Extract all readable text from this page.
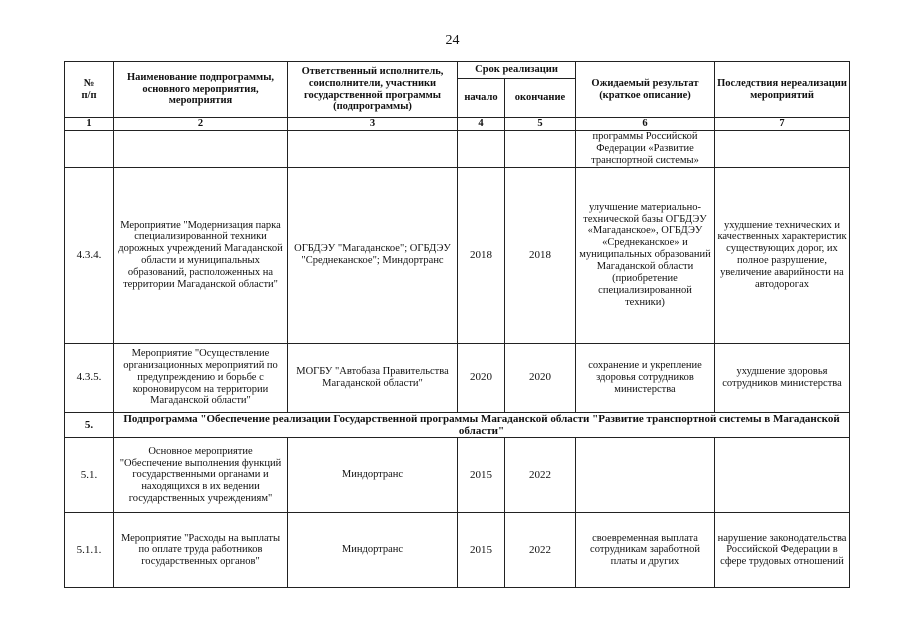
24
№
п/п	Наименование подпрограммы, основного мероприятия, мероприятия	Ответственный исполнитель, соисполнители, участники государственной программы (подпрограммы)	Срок реализации		Ожидаемый результат (краткое описание)	Последствия нереализации мероприятий
			начало	окончание		
1	2	3	4	5	6	7
					программы Российской Федерации «Развитие транспортной системы»	
4.3.4.	Мероприятие "Модернизация парка специализированной техники дорожных учреждений Магаданской области и муниципальных образований, расположенных на территории Магаданской области"	ОГБДЭУ "Магаданское"; ОГБДЭУ "Среднеканское"; Миндортранс	2018	2018	улучшение материально-технической базы ОГБДЭУ «Магаданское», ОГБДЭУ «Среднеканское» и муниципальных образований Магаданской области (приобретение специализированной техники)	ухудшение технических и качественных характеристик существующих дорог, их полное разрушение, увеличение аварийности на автодорогах
4.3.5.	Мероприятие "Осуществление организационных мероприятий по предупреждению и борьбе с короновирусом на территории Магаданской области"	МОГБУ "Автобаза Правительства Магаданской области"	2020	2020	сохранение и укрепление здоровья сотрудников министерства	ухудшение здоровья сотрудников министерства
5.	Подпрограмма "Обеспечение реализации Государственной программы Магаданской области "Развитие транспортной системы в Магаданской области"					
5.1.	Основное мероприятие "Обеспечение выполнения функций государственными органами и находящихся в их ведении государственных учреждениям"	Миндортранс	2015	2022		
5.1.1.	Мероприятие "Расходы на выплаты по оплате труда работников государственных органов"	Миндортранс	2015	2022	своевременная выплата сотрудникам заработной платы и других	нарушение законодательства Российской Федерации в сфере трудовых отношений
